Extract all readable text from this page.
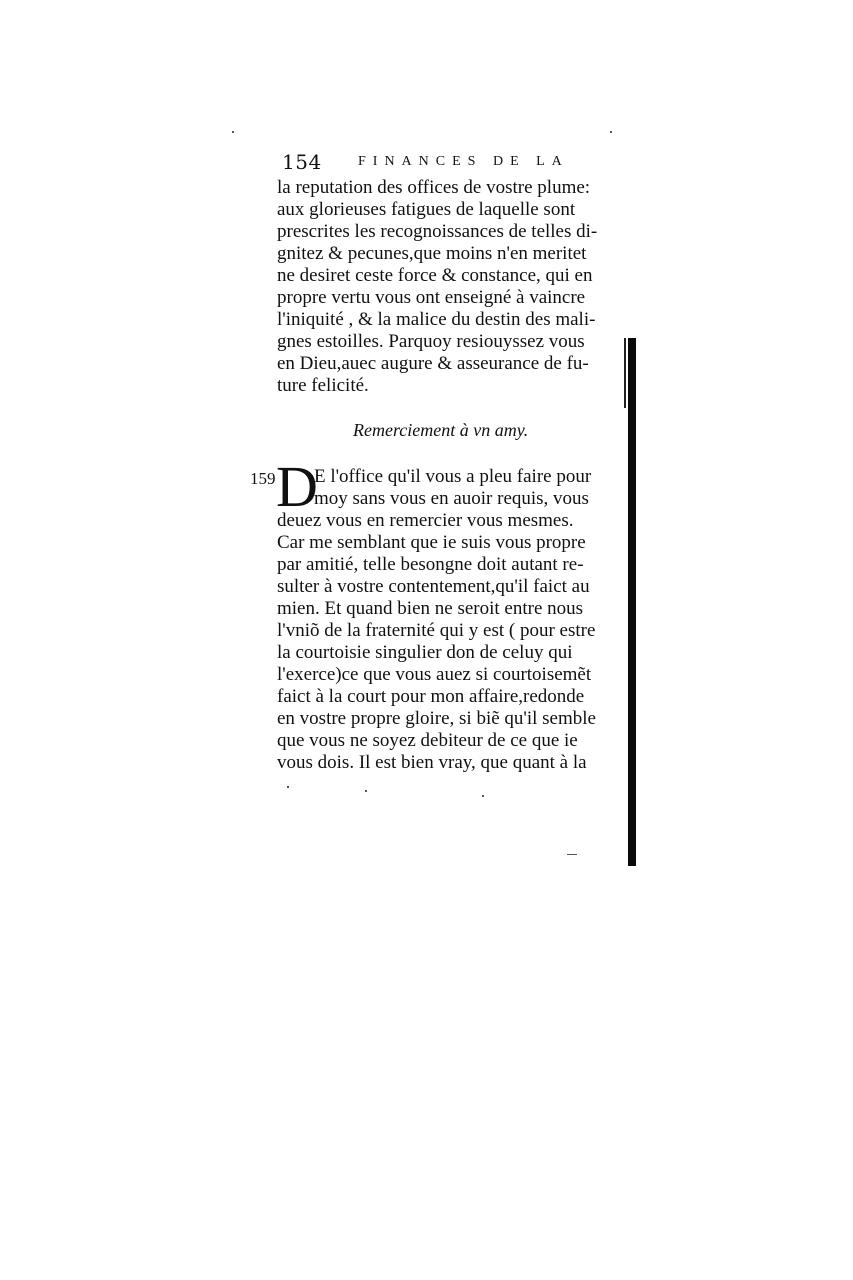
154	FINANCES DE LA
la reputation des offices de vostre plume:
aux glorieuses fatigues de laquelle sont
prescrites les recognoissances de telles di-
gnitez & pecunes,que moins n'en meritet
ne desiret ceste force & constance, qui en
propre vertu vous ont enseigné à vaincre
l'iniquité , & la malice du destin des mali-
gnes estoilles. Parquoy resiouyssez vous
en Dieu,auec augure & asseurance de fu-
ture felicité.
Remerciement à vn amy.
159 D
E l'office qu'il vous a pleu faire pour
moy sans vous en auoir requis, vous
deuez vous en remercier vous mesmes.
Car me semblant que ie suis vous propre
par amitié, telle besongne doit autant re-
sulter à vostre contentement,qu'il faict au
mien. Et quand bien ne seroit entre nous
l'vniõ de la fraternité qui y est ( pour estre
la courtoisie singulier don de celuy qui
l'exerce)ce que vous auez si courtoisemẽt
faict à la court pour mon affaire,redonde
en vostre propre gloire, si biẽ qu'il semble
que vous ne soyez debiteur de ce que ie
vous dois. Il est bien vray, que quant à la
